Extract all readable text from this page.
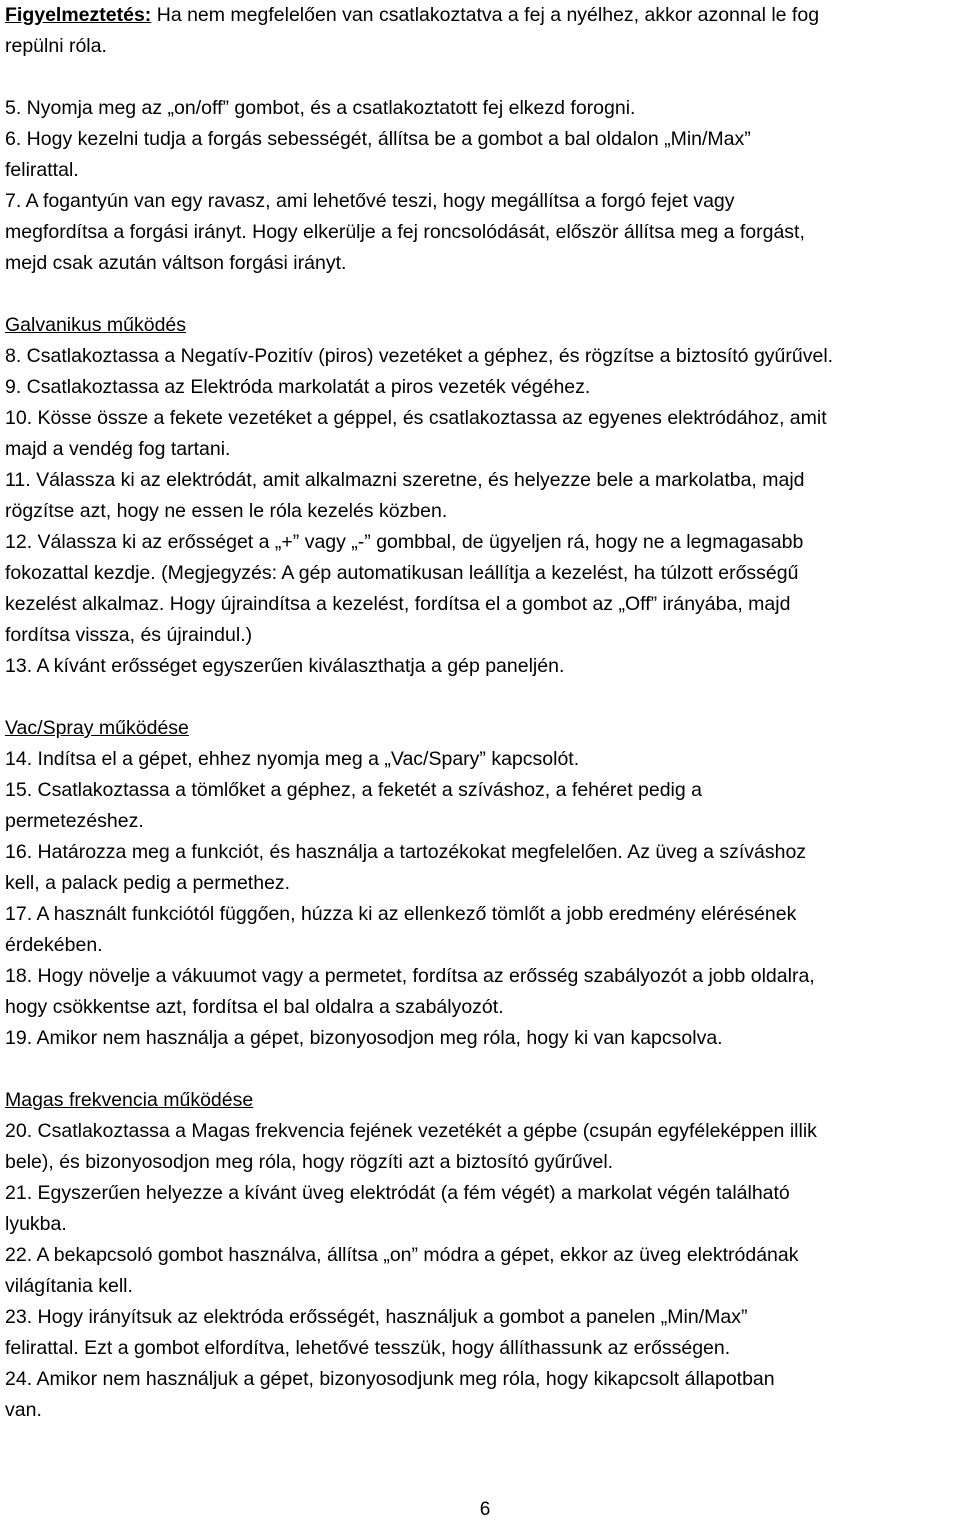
Figyelmeztetés: Ha nem megfelelően van csatlakoztatva a fej a nyélhez, akkor azonnal le fog
repülni róla.
5. Nyomja meg az „on/off” gombot, és a csatlakoztatott fej elkezd forogni.
6. Hogy kezelni tudja a forgás sebességét, állítsa be a gombot a bal oldalon „Min/Max”
felirattal.
7. A fogantyún van egy ravasz, ami lehetővé teszi, hogy megállítsa a forgó fejet vagy
megfordítsa a forgási irányt. Hogy elkerülje a fej roncsolódását, először állítsa meg a forgást,
mejd csak azután váltson forgási irányt.
Galvanikus működés
8. Csatlakoztassa a Negatív-Pozitív (piros) vezetéket a géphez, és rögzítse a biztosító gyűrűvel.
9. Csatlakoztassa az Elektróda markolatát a piros vezeték végéhez.
10. Kösse össze a fekete vezetéket a géppel, és csatlakoztassa az egyenes elektródához, amit
majd a vendég fog tartani.
11. Válassza ki az elektródát, amit alkalmazni szeretne, és helyezze bele a markolatba, majd
rögzítse azt, hogy ne essen le róla kezelés közben.
12. Válassza ki az erősséget a „+” vagy „-” gombbal, de ügyeljen rá, hogy ne a legmagasabb
fokozattal kezdje. (Megjegyzés: A gép automatikusan leállítja a kezelést, ha túlzott erősségű
kezelést alkalmaz. Hogy újraindítsa a kezelést, fordítsa el a gombot az „Off” irányába, majd
fordítsa vissza, és újraindul.)
13. A kívánt erősséget egyszerűen kiválaszthatja a gép paneljén.
Vac/Spray működése
14. Indítsa el a gépet, ehhez nyomja meg a „Vac/Spary” kapcsolót.
15. Csatlakoztassa a tömlőket a géphez, a feketét a szíváshoz, a fehéret pedig a
permetezéshez.
16. Határozza meg a funkciót, és használja a tartozékokat megfelelően. Az üveg a szíváshoz
kell, a palack pedig a permethez.
17. A használt funkciótól függően, húzza ki az ellenkező tömlőt a jobb eredmény elérésének
érdekében.
18. Hogy növelje a vákuumot vagy a permetet, fordítsa az erősség szabályozót a jobb oldalra,
hogy csökkentse azt, fordítsa el bal oldalra a szabályozót.
19. Amikor nem használja a gépet, bizonyosodjon meg róla, hogy ki van kapcsolva.
Magas frekvencia működése
20. Csatlakoztassa a Magas frekvencia fejének vezetékét a gépbe (csupán egyféleképpen illik
bele), és bizonyosodjon meg róla, hogy rögzíti azt a biztosító gyűrűvel.
21. Egyszerűen helyezze a kívánt üveg elektródát (a fém végét) a markolat végén található
lyukba.
22. A bekapcsoló gombot használva, állítsa „on” módra a gépet, ekkor az üveg elektródának
világítania kell.
23. Hogy irányítsuk az elektróda erősségét, használjuk a gombot a panelen „Min/Max”
felirattal. Ezt a gombot elfordítva, lehetővé tesszük, hogy állíthassunk az erősségen.
24. Amikor nem használjuk a gépet, bizonyosodjunk meg róla, hogy kikapcsolt állapotban
van.
6
